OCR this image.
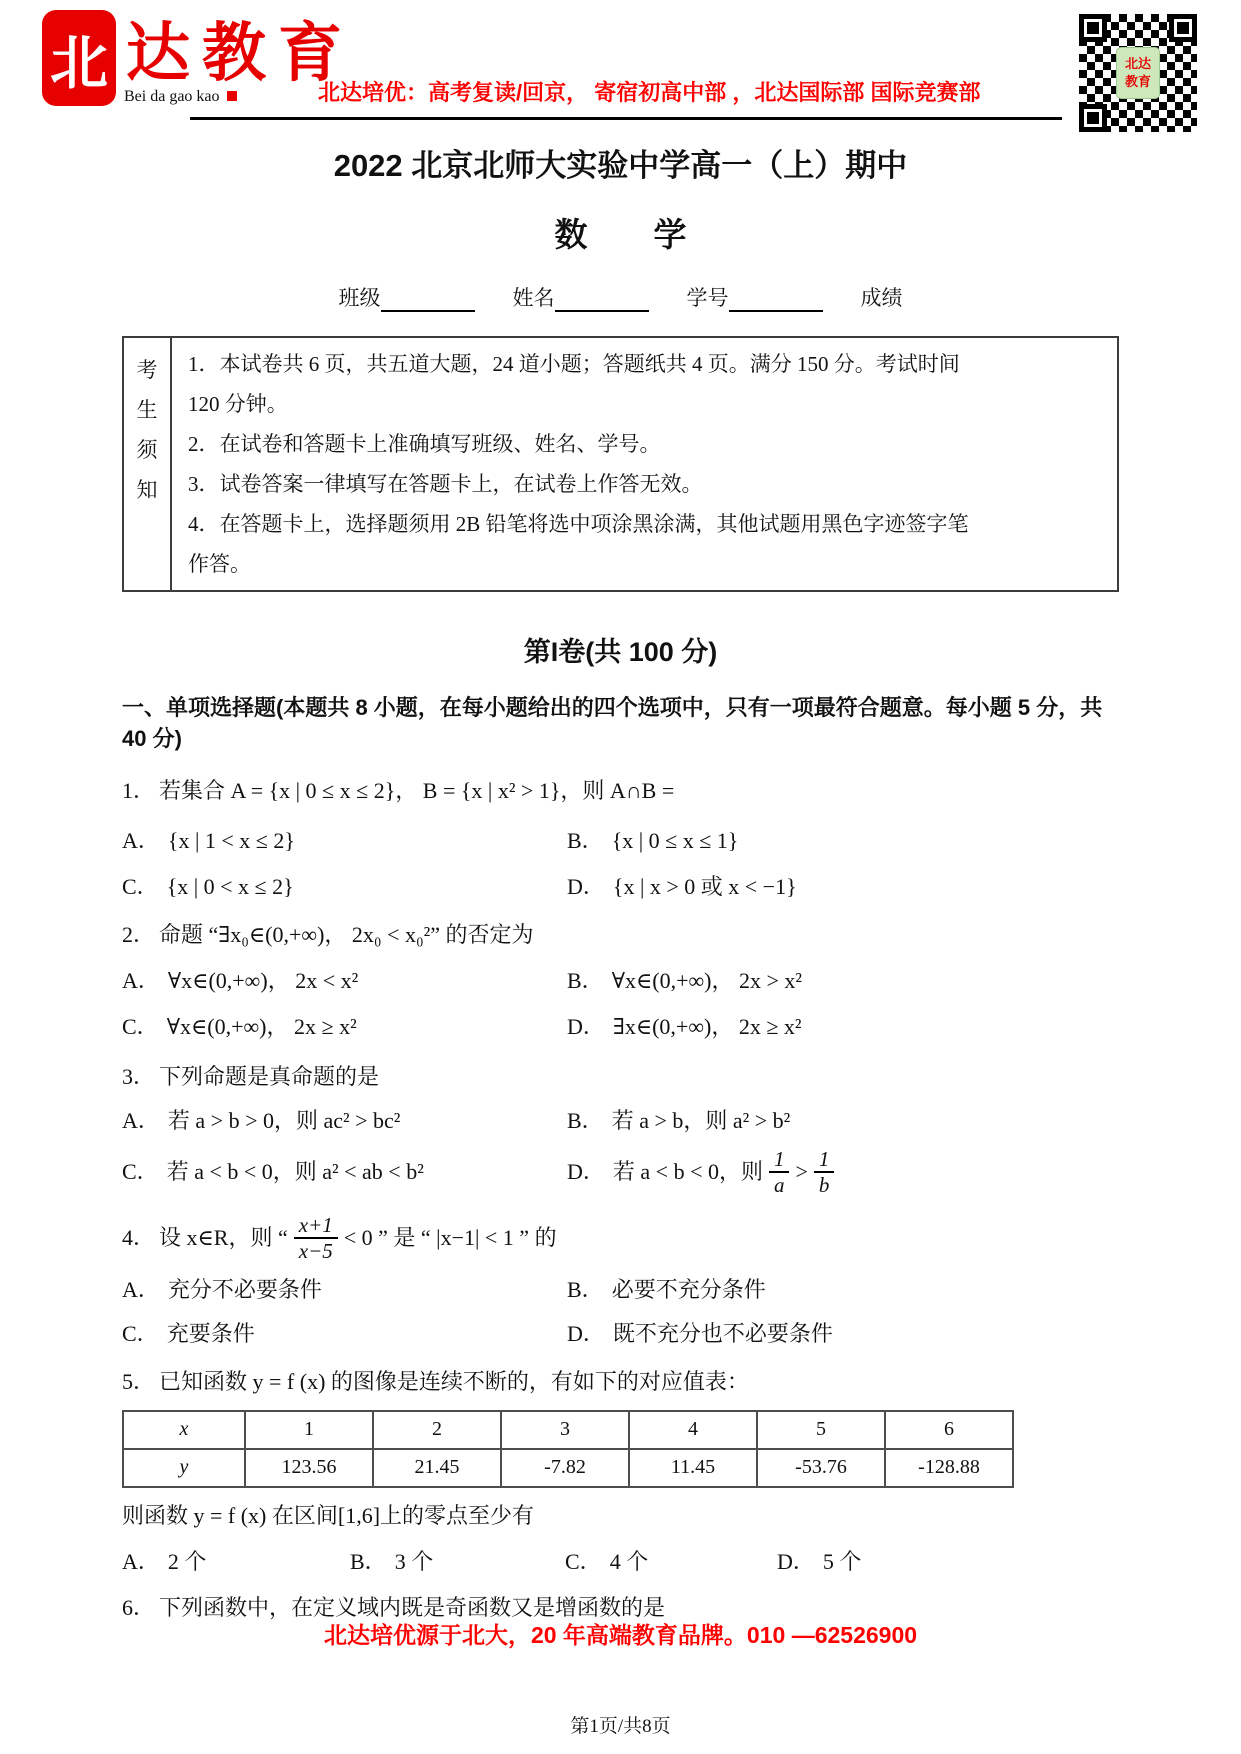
北 达教育
Bei da gao kao	北达培优：高考复读/回京， 寄宿初高中部 ，北达国际部 国际竞赛部
北达
教育
2022 北京北师大实验中学高一（上）期中
数　　学
班级	姓名	学号	成绩
考
生
须
知
1．本试卷共 6 页，共五道大题，24 道小题；答题纸共 4 页。满分 150 分。考试时间
120 分钟。
2．在试卷和答题卡上准确填写班级、姓名、学号。
3．试卷答案一律填写在答题卡上，在试卷上作答无效。
4．在答题卡上，选择题须用 2B 铅笔将选中项涂黑涂满，其他试题用黑色字迹签字笔
作答。
第I卷(共 100 分)
一、单项选择题(本题共 8 小题，在每小题给出的四个选项中，只有一项最符合题意。每小题 5 分，共 40 分)
1． 若集合 A = {x | 0 ≤ x ≤ 2}， B = {x | x² > 1}，则 A∩B =
A． {x | 1 < x ≤ 2}	B． {x | 0 ≤ x ≤ 1}
C． {x | 0 < x ≤ 2}	D． {x | x > 0 或 x < −1}
2． 命题 “∃x₀∈(0,+∞)， 2x₀ < x₀²” 的否定为
A． ∀x∈(0,+∞)， 2x < x²	B． ∀x∈(0,+∞)， 2x > x²
C． ∀x∈(0,+∞)， 2x ≥ x²	D． ∃x∈(0,+∞)， 2x ≥ x²
3． 下列命题是真命题的是
A． 若 a > b > 0，则 ac² > bc²	B． 若 a > b，则 a² > b²
C． 若 a < b < 0，则 a² < ab < b²	D． 若 a < b < 0，则 $\frac{1}{a} > \frac{1}{b}$
4． 设 x∈R，则 “ $\frac{x+1}{x-5} < 0$ ” 是 “ |x−1| < 1 ” 的
A． 充分不必要条件	B． 必要不充分条件
C． 充要条件	D． 既不充分也不必要条件
5． 已知函数 y = f (x) 的图像是连续不断的，有如下的对应值表：
x	1	2	3	4	5	6
y	123.56	21.45	-7.82	11.45	-53.76	-128.88
则函数 y = f (x) 在区间[1,6]上的零点至少有
A． 2 个	B． 3 个	C． 4 个	D． 5 个
6． 下列函数中，在定义域内既是奇函数又是增函数的是
北达培优源于北大，20 年高端教育品牌。010 —62526900
第1页/共8页
